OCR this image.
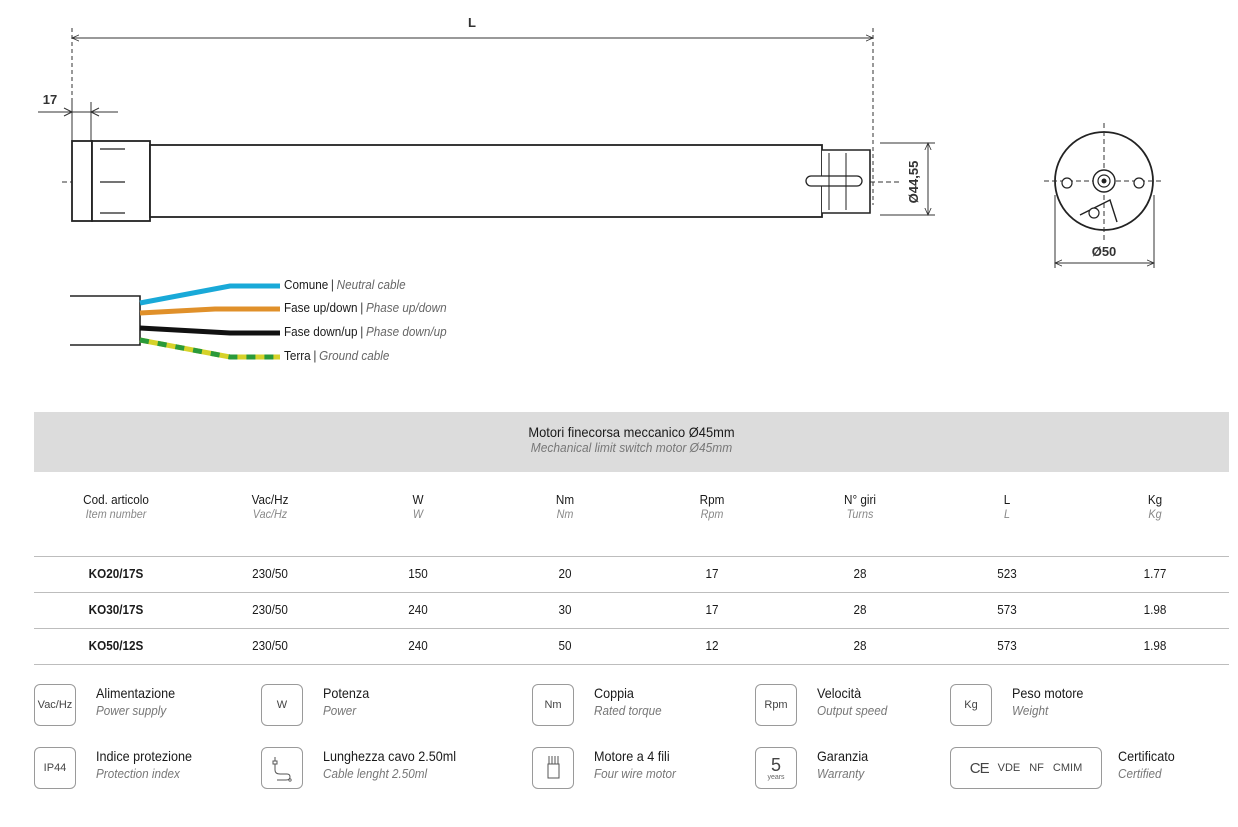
L
17
Ø44,55
Ø50
Comune | Neutral cable
Fase up/down | Phase up/down
Fase down/up | Phase down/up
Terra | Ground cable
Motori finecorsa meccanico Ø45mm
Mechanical limit switch motor Ø45mm
Cod. articolo
Item number
Vac/Hz
Vac/Hz
W
W
Nm
Nm
Rpm
Rpm
N° giri
Turns
L
L
Kg
Kg
KO20/17S	230/50	150	20	17	28	523	1.77
KO30/17S	230/50	240	30	17	28	573	1.98
KO50/12S	230/50	240	50	12	28	573	1.98
Vac/Hz
Alimentazione
Power supply	W
Potenza
Power	Nm
Coppia
Rated torque	Rpm
Velocità
Output speed	Kg
Peso motore
Weight
IP44
Indice protezione
Protection index
Lunghezza cavo 2.50ml
Cable lenght 2.50ml
Motore a 4 fili
Four wire motor	5
years
Garanzia
Warranty	CE VDE NF CMIM
Certificato
Certified
